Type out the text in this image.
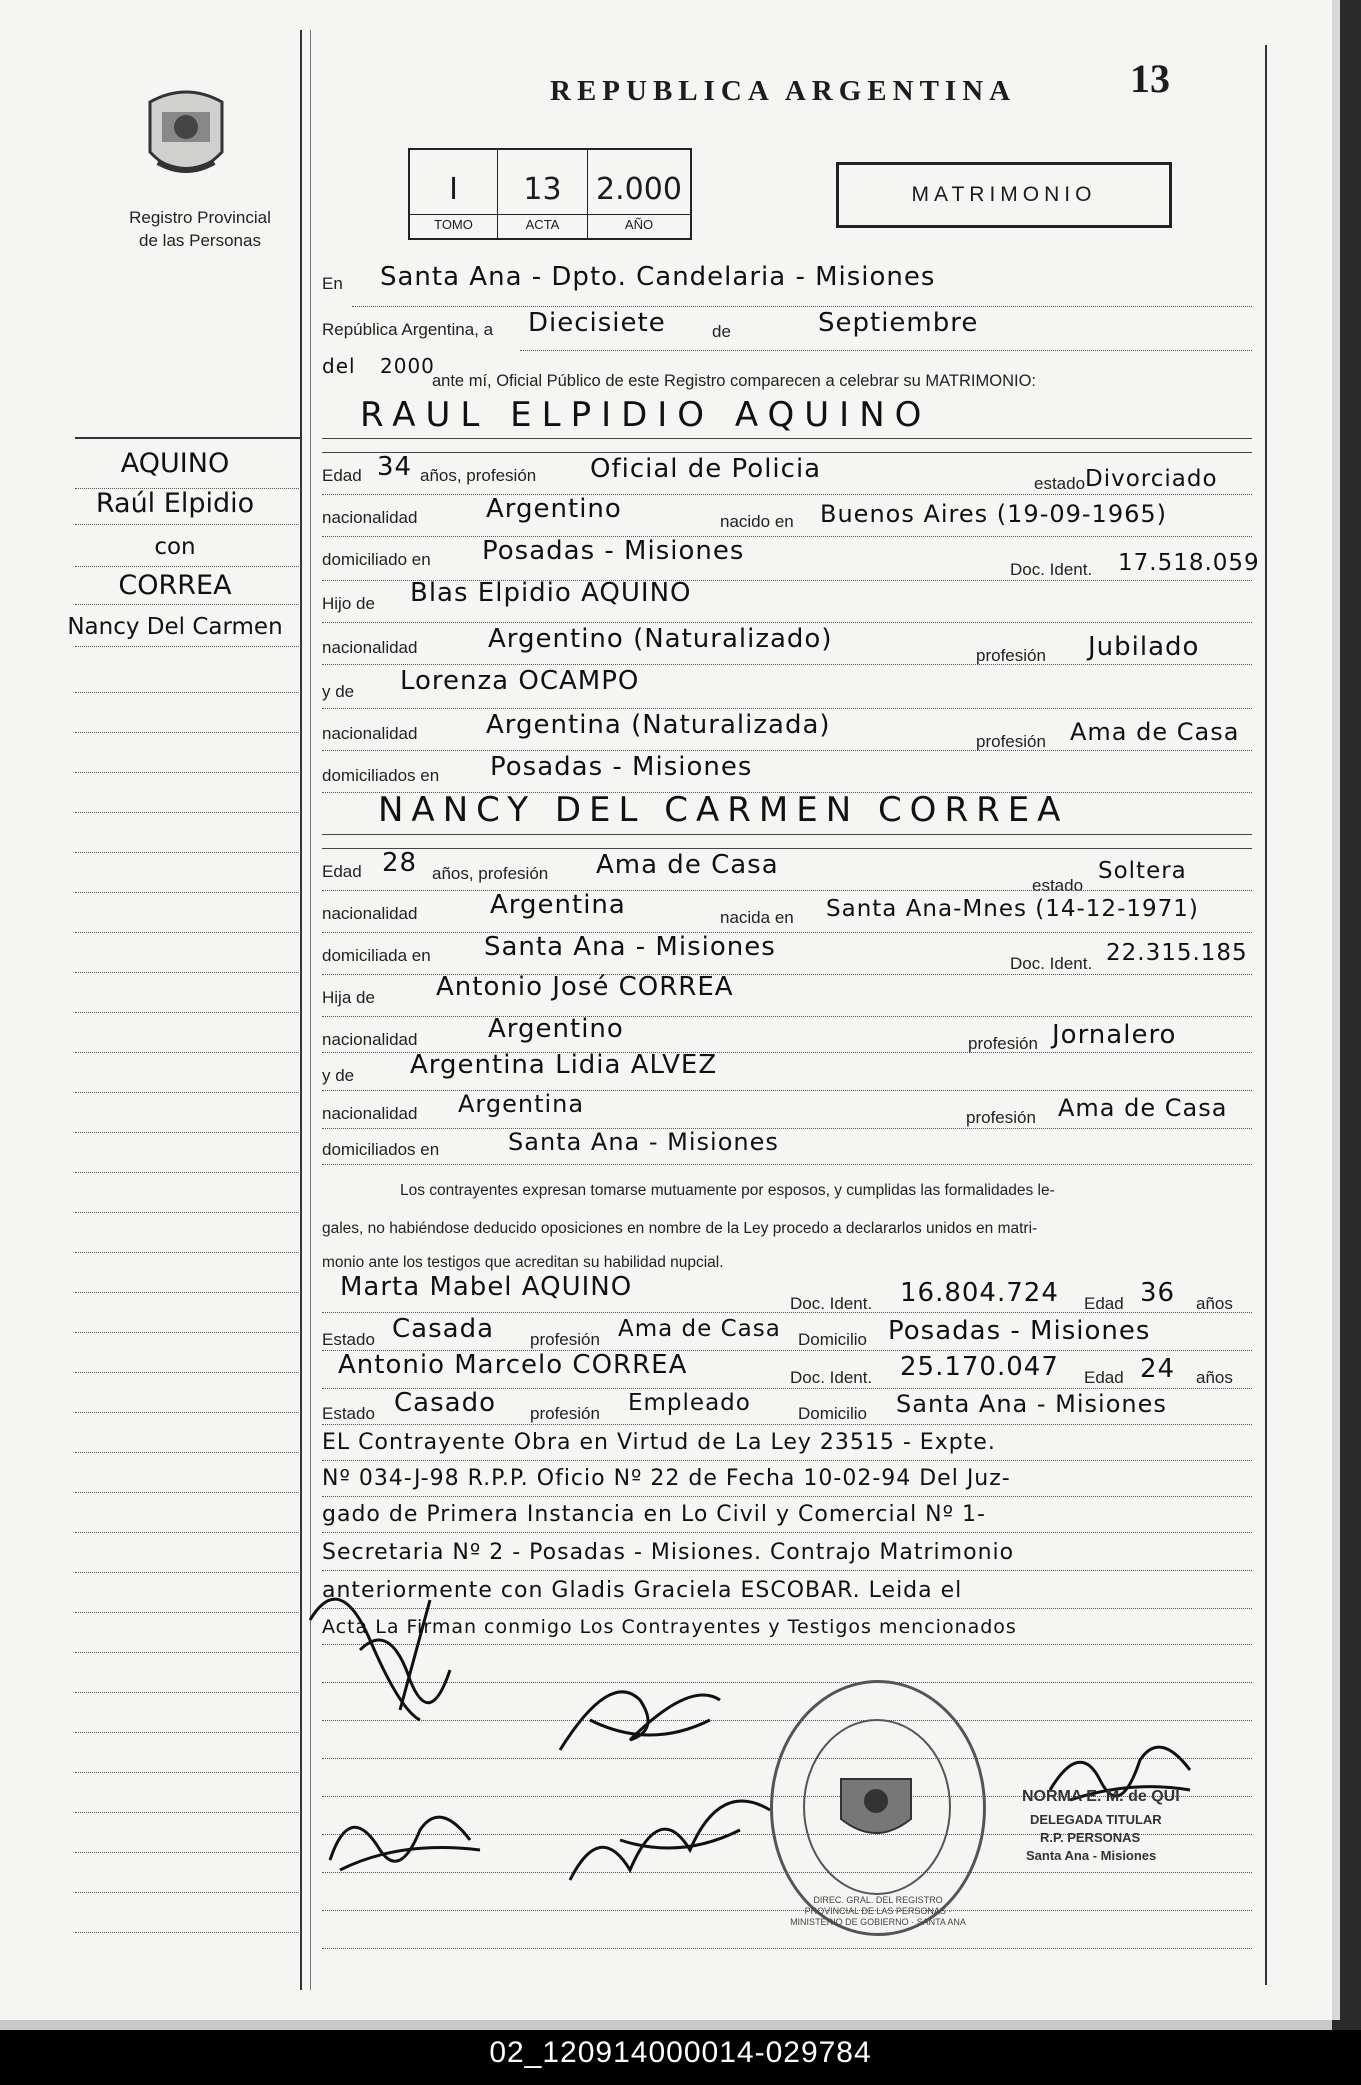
Registro Provincial
de las Personas
REPUBLICA ARGENTINA	13
I
TOMO
13
ACTA
2.000
AÑO
MATRIMONIO
AQUINO
Raúl Elpidio
con
CORREA
Nancy Del Carmen
En Santa Ana - Dpto. Candelaria - Misiones
República Argentina, a Diecisiete	de	Septiembre
del 2000
ante mí, Oficial Público de este Registro comparecen a celebrar su MATRIMONIO:
RAUL ELPIDIO AQUINO
Edad 34 años, profesión Oficial de Policia	estado Divorciado
nacionalidad	Argentino	nacido en Buenos Aires (19-09-1965)
domiciliado en Posadas - Misiones
Doc. Ident. 17.518.059
Hijo de Blas Elpidio AQUINO
nacionalidad	Argentino (Naturalizado)
profesión Jubilado
y de Lorenza OCAMPO
nacionalidad	Argentina (Naturalizada)
profesión Ama de Casa
domiciliados en Posadas - Misiones
NANCY DEL CARMEN CORREA
Edad 28 años, profesión Ama de Casa
estado
Soltera
nacionalidad	Argentina	nacida en Santa Ana-Mnes (14-12-1971)
domiciliada en Santa Ana - Misiones
Doc. Ident. 22.315.185
Hija de Antonio José CORREA
nacionalidad	Argentino	profesión Jornalero
y de Argentina Lidia ALVEZ
nacionalidad Argentina	profesión Ama de Casa
domiciliados en	Santa Ana - Misiones
Los contrayentes expresan tomarse mutuamente por esposos, y cumplidas las formalidades le-
gales, no habiéndose deducido oposiciones en nombre de la Ley procedo a declararlos unidos en matri-
monio ante los testigos que acreditan su habilidad nupcial.
Marta Mabel AQUINO
Doc. Ident. 16.804.724 Edad 36 años
Estado Casada profesión Ama de Casa Domicilio Posadas - Misiones
Antonio Marcelo CORREA	Doc. Ident. 25.170.047 Edad 24 años
Estado Casado profesión Empleado	Domicilio Santa Ana - Misiones
EL Contrayente Obra en Virtud de La Ley 23515 - Expte.
Nº 034-J-98 R.P.P. Oficio Nº 22 de Fecha 10-02-94 Del Juz-
gado de Primera Instancia en Lo Civil y Comercial Nº 1-
Secretaria Nº 2 - Posadas - Misiones. Contrajo Matrimonio
anteriormente con Gladis Graciela ESCOBAR. Leida el
Acta La Firman conmigo Los Contrayentes y Testigos mencionados
DIREC. GRAL. DEL REGISTRO PROVINCIAL DE LAS PERSONAS · MINISTERIO DE GOBIERNO · SANTA ANA
NORMA E. M. de QUI
DELEGADA TITULAR
R.P. PERSONAS
Santa Ana - Misiones
02_120914000014-029784
